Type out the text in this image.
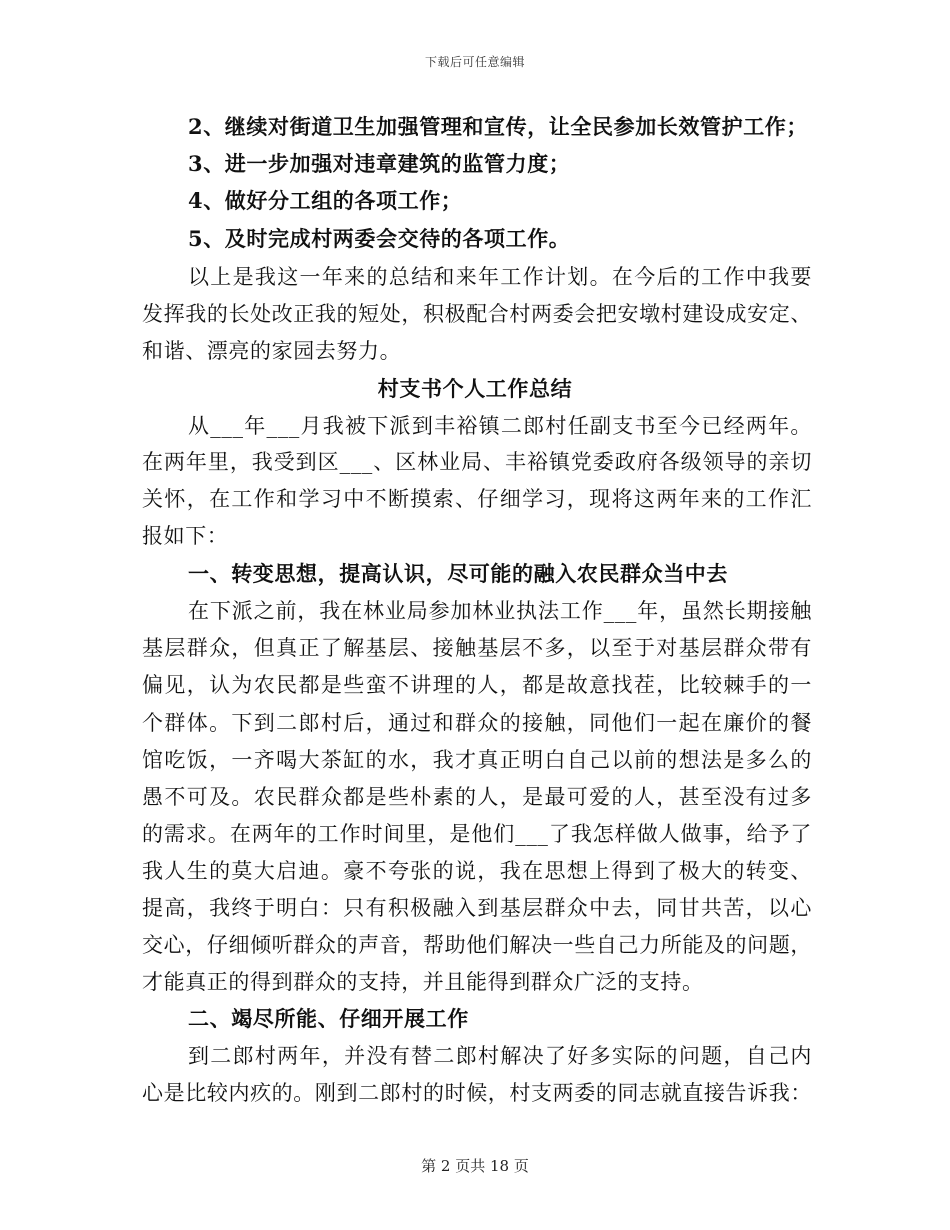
下载后可任意编辑
2、继续对街道卫生加强管理和宣传，让全民参加长效管护工作；
3、进一步加强对违章建筑的监管力度；
4、做好分工组的各项工作；
5、及时完成村两委会交待的各项工作。
以上是我这一年来的总结和来年工作计划。在今后的工作中我要
发挥我的长处改正我的短处，积极配合村两委会把安墩村建设成安定、
和谐、漂亮的家园去努力。
村支书个人工作总结
从___年___月我被下派到丰裕镇二郎村任副支书至今已经两年。
在两年里，我受到区___、区林业局、丰裕镇党委政府各级领导的亲切
关怀，在工作和学习中不断摸索、仔细学习，现将这两年来的工作汇
报如下：
一、转变思想，提高认识，尽可能的融入农民群众当中去
在下派之前，我在林业局参加林业执法工作___年，虽然长期接触
基层群众，但真正了解基层、接触基层不多，以至于对基层群众带有
偏见，认为农民都是些蛮不讲理的人，都是故意找茬，比较棘手的一
个群体。下到二郎村后，通过和群众的接触，同他们一起在廉价的餐
馆吃饭，一齐喝大茶缸的水，我才真正明白自己以前的想法是多么的
愚不可及。农民群众都是些朴素的人，是最可爱的人，甚至没有过多
的需求。在两年的工作时间里，是他们___了我怎样做人做事，给予了
我人生的莫大启迪。豪不夸张的说，我在思想上得到了极大的转变、
提高，我终于明白：只有积极融入到基层群众中去，同甘共苦，以心
交心，仔细倾听群众的声音，帮助他们解决一些自己力所能及的问题，
才能真正的得到群众的支持，并且能得到群众广泛的支持。
二、竭尽所能、仔细开展工作
到二郎村两年，并没有替二郎村解决了好多实际的问题，自己内
心是比较内疚的。刚到二郎村的时候，村支两委的同志就直接告诉我：
第 2 页共 18 页
